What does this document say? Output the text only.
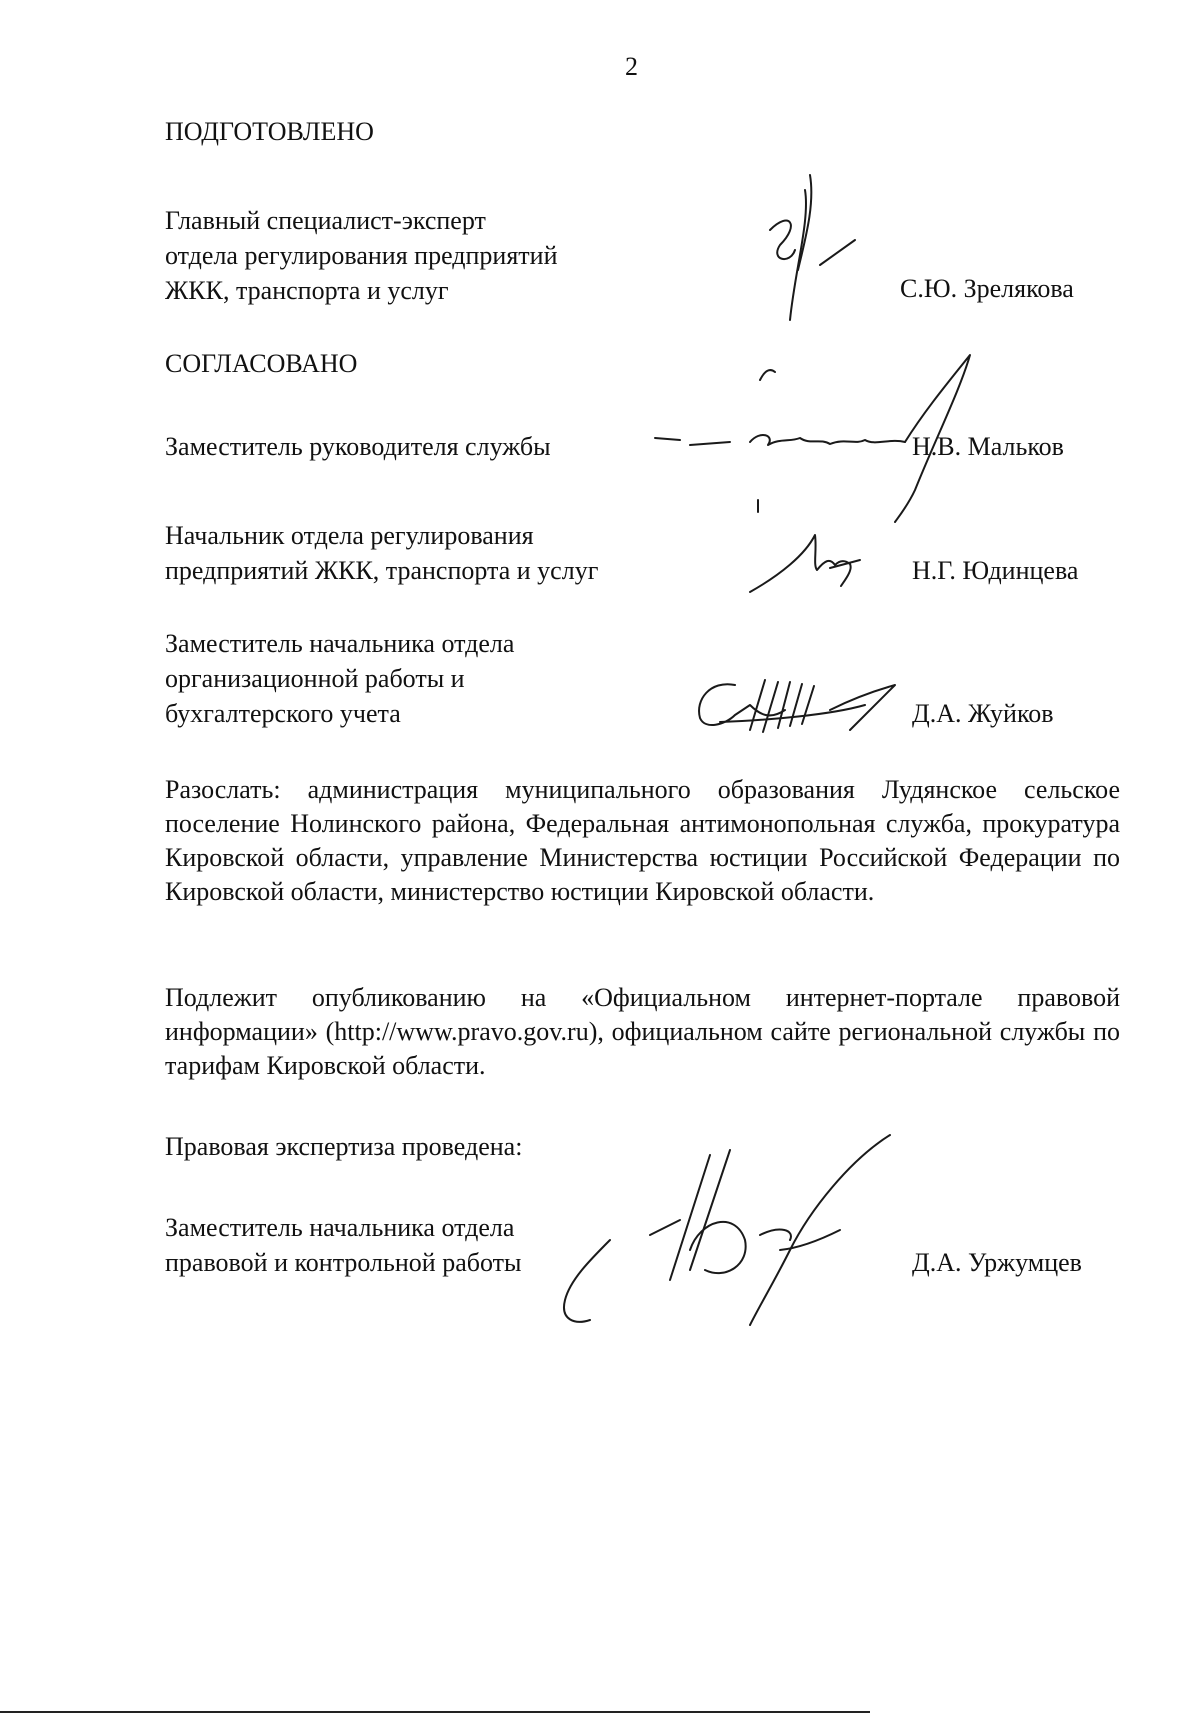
2
ПОДГОТОВЛЕНО
Главный специалист-эксперт
отдела регулирования предприятий
ЖКК, транспорта и услуг	С.Ю. Зрелякова
СОГЛАСОВАНО
Заместитель руководителя службы	Н.В. Мальков
Начальник отдела регулирования
предприятий ЖКК, транспорта и услуг	Н.Г. Юдинцева
Заместитель начальника отдела
организационной работы и
бухгалтерского учета	Д.А. Жуйков
Разослать: администрация муниципального образования Лудянское сельское поселение Нолинского района, Федеральная антимонопольная служба, прокуратура Кировской области, управление Министерства юстиции Российской Федерации по Кировской области, министерство юстиции Кировской области.
Подлежит опубликованию на «Официальном интернет-портале правовой информации» (http://www.pravo.gov.ru), официальном сайте региональной службы по тарифам Кировской области.
Правовая экспертиза проведена:
Заместитель начальника отдела
правовой и контрольной работы	Д.А. Уржумцев
